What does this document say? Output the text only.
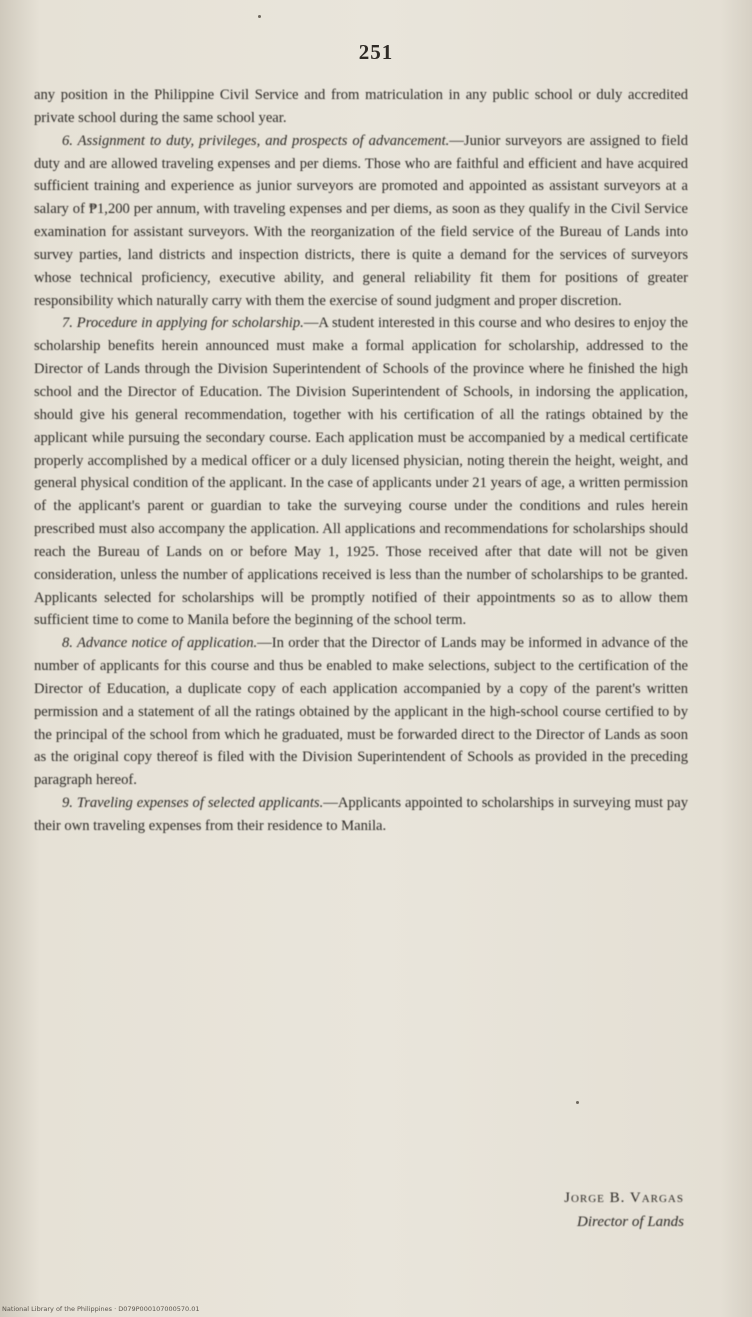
251

any position in the Philippine Civil Service and from matriculation in any public school or duly accredited private school during the same school year.

6. Assignment to duty, privileges, and prospects of advancement.—Junior surveyors are assigned to field duty and are allowed traveling expenses and per diems. Those who are faithful and efficient and have acquired sufficient training and experience as junior surveyors are promoted and appointed as assistant surveyors at a salary of ₱1,200 per annum, with traveling expenses and per diems, as soon as they qualify in the Civil Service examination for assistant surveyors. With the reorganization of the field service of the Bureau of Lands into survey parties, land districts and inspection districts, there is quite a demand for the services of surveyors whose technical proficiency, executive ability, and general reliability fit them for positions of greater responsibility which naturally carry with them the exercise of sound judgment and proper discretion.

7. Procedure in applying for scholarship.—A student interested in this course and who desires to enjoy the scholarship benefits herein announced must make a formal application for scholarship, addressed to the Director of Lands through the Division Superintendent of Schools of the province where he finished the high school and the Director of Education. The Division Superintendent of Schools, in indorsing the application, should give his general recommendation, together with his certification of all the ratings obtained by the applicant while pursuing the secondary course. Each application must be accompanied by a medical certificate properly accomplished by a medical officer or a duly licensed physician, noting therein the height, weight, and general physical condition of the applicant. In the case of applicants under 21 years of age, a written permission of the applicant's parent or guardian to take the surveying course under the conditions and rules herein prescribed must also accompany the application. All applications and recommendations for scholarships should reach the Bureau of Lands on or before May 1, 1925. Those received after that date will not be given consideration, unless the number of applications received is less than the number of scholarships to be granted. Applicants selected for scholarships will be promptly notified of their appointments so as to allow them sufficient time to come to Manila before the beginning of the school term.

8. Advance notice of application.—In order that the Director of Lands may be informed in advance of the number of applicants for this course and thus be enabled to make selections, subject to the certification of the Director of Education, a duplicate copy of each application accompanied by a copy of the parent's written permission and a statement of all the ratings obtained by the applicant in the high-school course certified to by the principal of the school from which he graduated, must be forwarded direct to the Director of Lands as soon as the original copy thereof is filed with the Division Superintendent of Schools as provided in the preceding paragraph hereof.

9. Traveling expenses of selected applicants.—Applicants appointed to scholarships in surveying must pay their own traveling expenses from their residence to Manila.

Jorge B. Vargas
Director of Lands
National Library of the Philippines · D079P000107000570.01
